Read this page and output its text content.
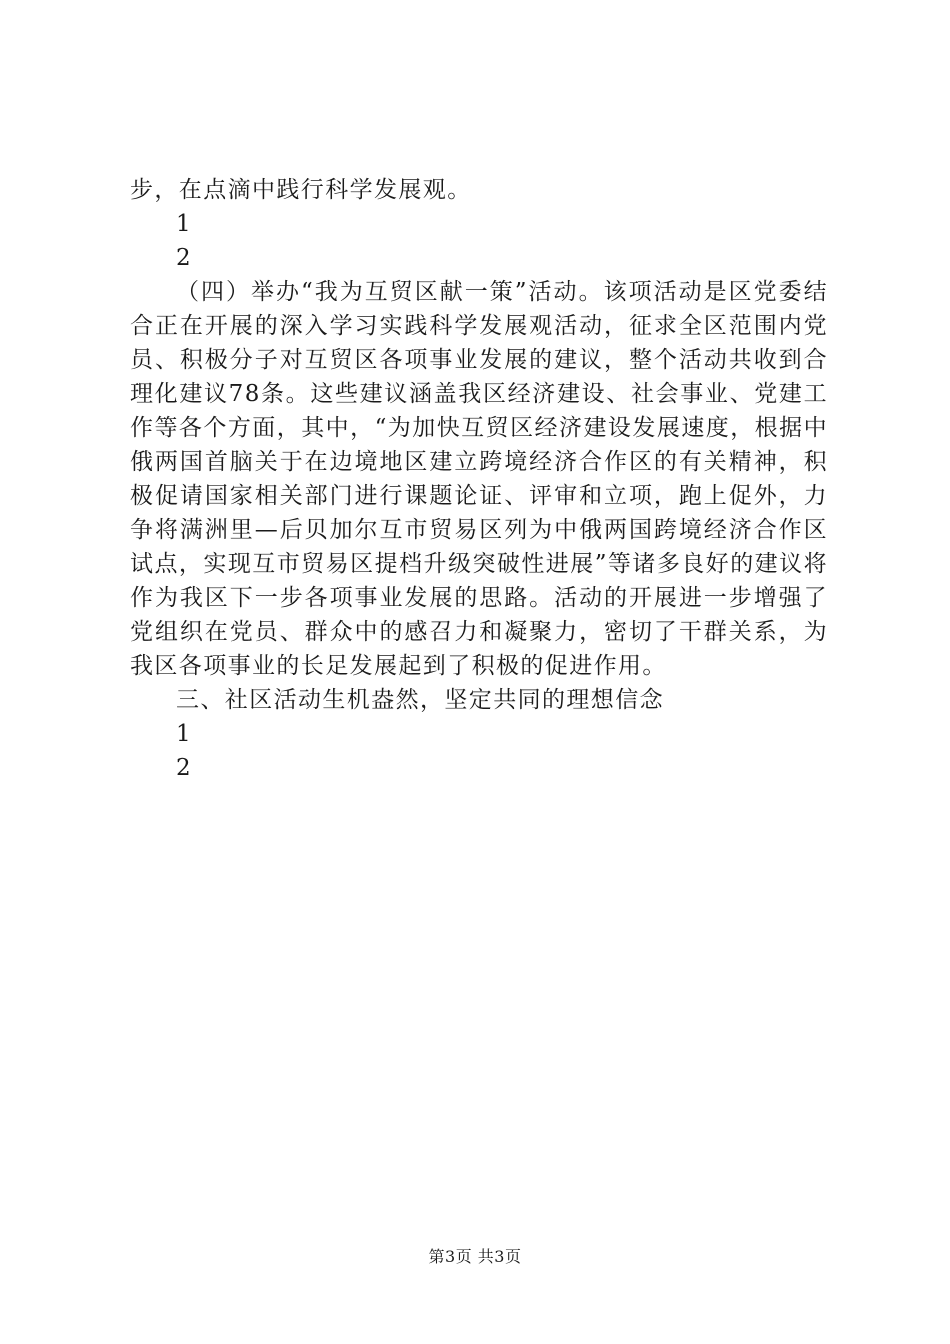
步，在点滴中践行科学发展观。

1

2

（四）举办“我为互贸区献一策”活动。该项活动是区党委结合正在开展的深入学习实践科学发展观活动，征求全区范围内党员、积极分子对互贸区各项事业发展的建议，整个活动共收到合理化建议78条。这些建议涵盖我区经济建设、社会事业、党建工作等各个方面，其中，“为加快互贸区经济建设发展速度，根据中俄两国首脑关于在边境地区建立跨境经济合作区的有关精神，积极促请国家相关部门进行课题论证、评审和立项，跑上促外，力争将满洲里—后贝加尔互市贸易区列为中俄两国跨境经济合作区试点，实现互市贸易区提档升级突破性进展”等诸多良好的建议将作为我区下一步各项事业发展的思路。活动的开展进一步增强了党组织在党员、群众中的感召力和凝聚力，密切了干群关系，为我区各项事业的长足发展起到了积极的促进作用。

三、社区活动生机盎然，坚定共同的理想信念

1

2

第3页 共3页
